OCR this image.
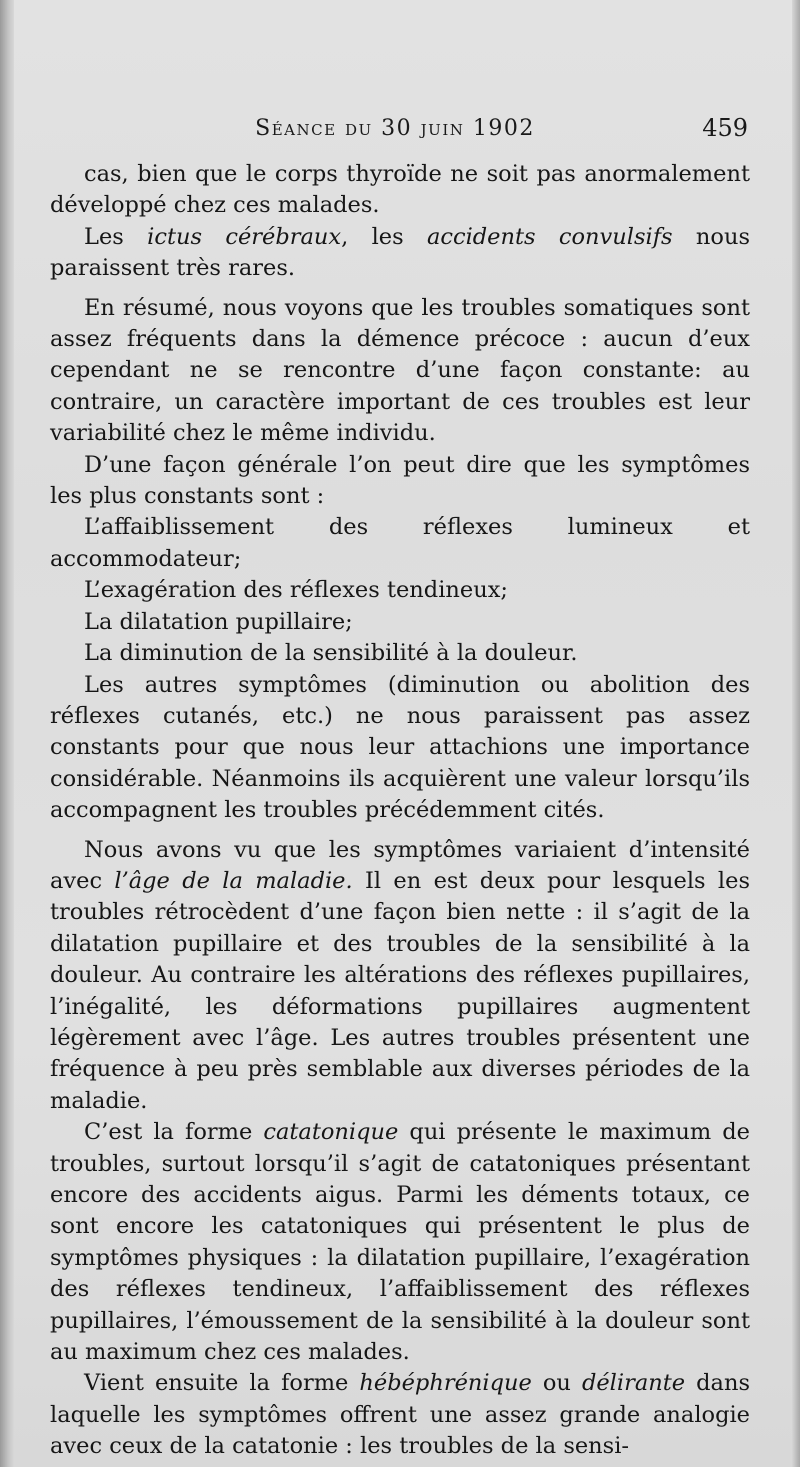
Séance du 30 juin 1902	459

cas, bien que le corps thyroïde ne soit pas anormalement développé chez ces malades.

Les ictus cérébraux, les accidents convulsifs nous paraissent très rares.

En résumé, nous voyons que les troubles somatiques sont assez fréquents dans la démence précoce : aucun d’eux cependant ne se rencontre d’une façon constante: au contraire, un caractère important de ces troubles est leur variabilité chez le même individu.

D’une façon générale l’on peut dire que les symptômes les plus constants sont :

L’affaiblissement des réflexes lumineux et accommodateur;

L’exagération des réflexes tendineux;

La dilatation pupillaire;

La diminution de la sensibilité à la douleur.

Les autres symptômes (diminution ou abolition des réflexes cutanés, etc.) ne nous paraissent pas assez constants pour que nous leur attachions une importance considérable. Néanmoins ils acquièrent une valeur lorsqu’ils accompagnent les troubles précédemment cités.

Nous avons vu que les symptômes variaient d’intensité avec l’âge de la maladie. Il en est deux pour lesquels les troubles rétrocèdent d’une façon bien nette : il s’agit de la dilatation pupillaire et des troubles de la sensibilité à la douleur. Au contraire les altérations des réflexes pupillaires, l’inégalité, les déformations pupillaires augmentent légèrement avec l’âge. Les autres troubles présentent une fréquence à peu près semblable aux diverses périodes de la maladie.

C’est la forme catatonique qui présente le maximum de troubles, surtout lorsqu’il s’agit de catatoniques présentant encore des accidents aigus. Parmi les déments totaux, ce sont encore les catatoniques qui présentent le plus de symptômes physiques : la dilatation pupillaire, l’exagération des réflexes tendineux, l’affaiblissement des réflexes pupillaires, l’émoussement de la sensibilité à la douleur sont au maximum chez ces malades.

Vient ensuite la forme hébéphrénique ou délirante dans laquelle les symptômes offrent une assez grande analogie avec ceux de la catatonie : les troubles de la sensi-
